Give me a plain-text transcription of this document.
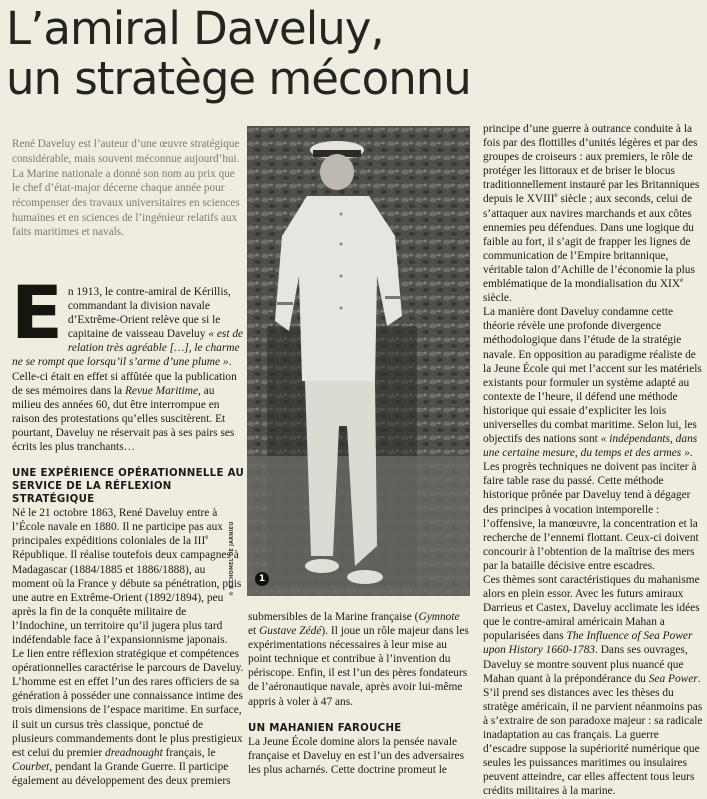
L’amiral Daveluy,
un stratège méconnu

René Daveluy est l’auteur d’une œuvre stratégique considérable, mais souvent méconnue aujourd’hui. La Marine nationale a donné son nom au prix que le chef d’état-major décerne chaque année pour récompenser des travaux universitaires en sciences humaines et en sciences de l’ingénieur relatifs aux faits maritimes et navals.

En 1913, le contre-amiral de Kérillis, commandant la division navale d’Extrême-Orient relève que si le capitaine de vaisseau Daveluy « est de relation très agréable […], le charme ne se rompt que lorsqu’il s’arme d’une plume ». Celle-ci était en effet si affûtée que la publication de ses mémoires dans la Revue Maritime, au milieu des années 60, dut être interrompue en raison des protestations qu’elles suscitèrent. Et pourtant, Daveluy ne réservait pas à ses pairs ses écrits les plus tranchants…

UNE EXPÉRIENCE OPÉRATIONNELLE AU
SERVICE DE LA RÉFLEXION STRATÉGIQUE

Né le 21 octobre 1863, René Daveluy entre à l’École navale en 1880. Il ne participe pas aux principales expéditions coloniales de la IIIe République. Il réalise toutefois deux campagnes à Madagascar (1884/1885 et 1886/1888), au moment où la France y débute sa pénétration, puis une autre en Extrême-Orient (1892/1894), peu après la fin de la conquête militaire de l’Indochine, un territoire qu’il jugera plus tard indéfendable face à l’expansionnisme japonais.

Le lien entre réflexion stratégique et compétences opérationnelles caractérise le parcours de Daveluy. L’homme est en effet l’un des rares officiers de sa génération à posséder une connaissance intime des trois dimensions de l’espace maritime. En surface, il suit un cursus très classique, ponctué de plusieurs commandements dont le plus prestigieux est celui du premier dreadnought français, le Courbet, pendant la Grande Guerre. Il participe également au développement des deux premiers

1
© B.CHOMEL DE JARNIEU

submersibles de la Marine française (Gymnote et Gustave Zédé). Il joue un rôle majeur dans les expérimentations nécessaires à leur mise au point technique et contribue à l’invention du périscope. Enfin, il est l’un des pères fondateurs de l’aéronautique navale, après avoir lui-même appris à voler à 47 ans.

UN MAHANIEN FAROUCHE

La Jeune École domine alors la pensée navale française et Daveluy en est l’un des adversaires les plus acharnés. Cette doctrine promeut le

principe d’une guerre à outrance conduite à la fois par des flottilles d’unités légères et par des groupes de croiseurs : aux premiers, le rôle de protéger les littoraux et de briser le blocus traditionnellement instauré par les Britanniques depuis le XVIIIe siècle ; aux seconds, celui de s’attaquer aux navires marchands et aux côtes ennemies peu défendues. Dans une logique du faible au fort, il s’agit de frapper les lignes de communication de l’Empire britannique, véritable talon d’Achille de l’économie la plus emblématique de la mondialisation du XIXe siècle.

La manière dont Daveluy condamne cette théorie révèle une profonde divergence méthodologique dans l’étude de la stratégie navale. En opposition au paradigme réaliste de la Jeune École qui met l’accent sur les matériels existants pour formuler un système adapté au contexte de l’heure, il défend une méthode historique qui essaie d’expliciter les lois universelles du combat maritime. Selon lui, les objectifs des nations sont « indépendants, dans une certaine mesure, du temps et des armes ». Les progrès techniques ne doivent pas inciter à faire table rase du passé. Cette méthode historique prônée par Daveluy tend à dégager des principes à vocation intemporelle : l’offensive, la manœuvre, la concentration et la recherche de l’ennemi flottant. Ceux-ci doivent concourir à l’obtention de la maîtrise des mers par la bataille décisive entre escadres.

Ces thèmes sont caractéristiques du mahanisme alors en plein essor. Avec les futurs amiraux Darrieus et Castex, Daveluy acclimate les idées que le contre-amiral américain Mahan a popularisées dans The Influence of Sea Power upon History 1660-1783. Dans ses ouvrages, Daveluy se montre souvent plus nuancé que Mahan quant à la prépondérance du Sea Power. S’il prend ses distances avec les thèses du stratège américain, il ne parvient néanmoins pas à s’extraire de son paradoxe majeur : sa radicale inadaptation au cas français. La guerre d’escadre suppose la supériorité numérique que seules les puissances maritimes ou insulaires peuvent atteindre, car elles affectent tous leurs crédits militaires à la marine.
